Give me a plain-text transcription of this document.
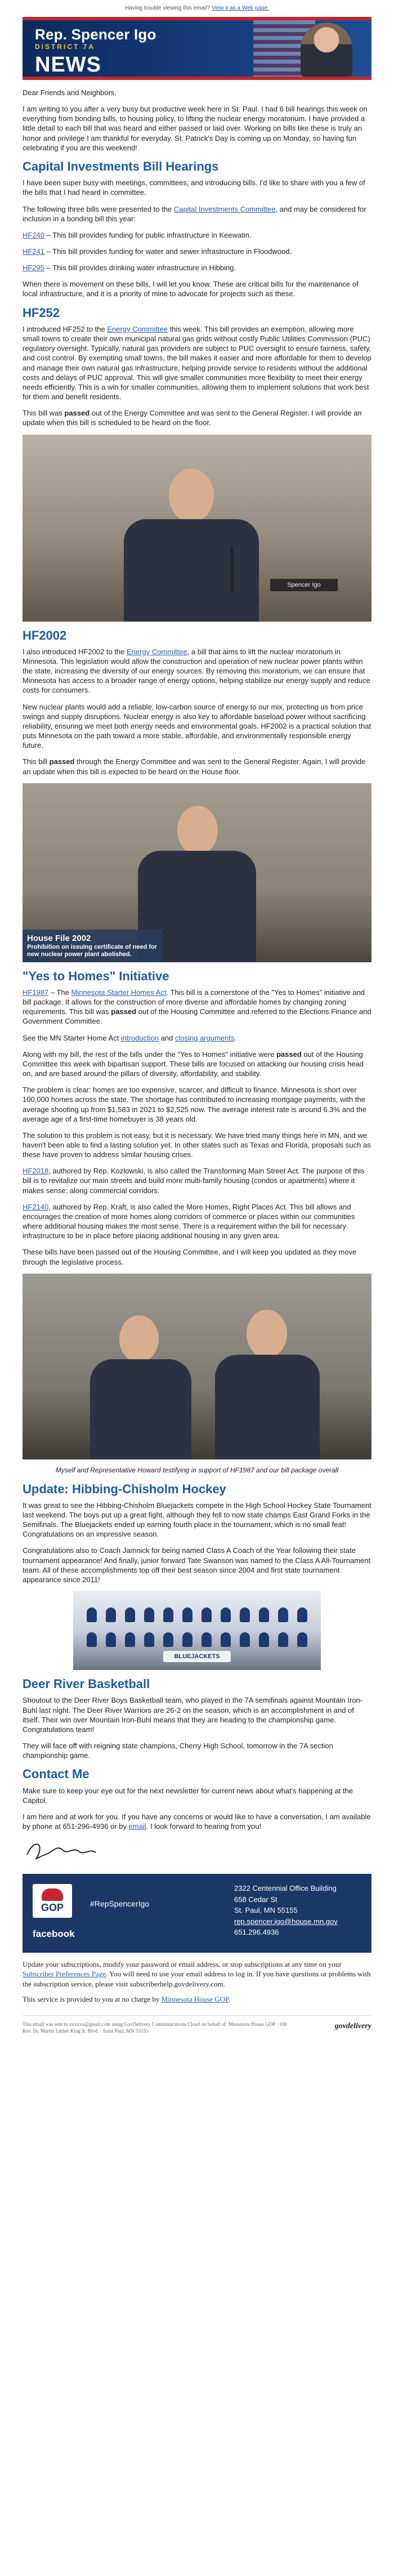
Having trouble viewing this email? View it as a Web page.
Rep. Spencer Igo
DISTRICT 7A
NEWS

Dear Friends and Neighbors,

I am writing to you after a very busy but productive week here in St. Paul. I had 6 bill hearings this week on everything from bonding bills, to housing policy, to lifting the nuclear energy moratorium. I have provided a little detail to each bill that was heard and either passed or laid over. Working on bills like these is truly an honor and privilege I am thankful for everyday. St. Patrick's Day is coming up on Monday, so having fun celebrating if you are this weekend!

Capital Investments Bill Hearings

I have been super busy with meetings, committees, and introducing bills. I'd like to share with you a few of the bills that I had heard in committee.

The following three bills were presented to the Capital Investments Committee, and may be considered for inclusion in a bonding bill this year:

HF240 – This bill provides funding for public infrastructure in Keewatin.

HF241 – This bill provides funding for water and sewer infrastructure in Floodwood.

HF295 – This bill provides drinking water infrastructure in Hibbing.

When there is movement on these bills, I will let you know. These are critical bills for the maintenance of local infrastructure, and it is a priority of mine to advocate for projects such as these.

HF252

I introduced HF252 to the Energy Committee this week. This bill provides an exemption, allowing more small towns to create their own municipal natural gas grids without costly Public Utilities Commission (PUC) regulatory oversight. Typically, natural gas providers are subject to PUC oversight to ensure fairness, safety, and cost control. By exempting small towns, the bill makes it easier and more affordable for them to develop and manage their own natural gas infrastructure, helping provide service to residents without the additional costs and delays of PUC approval. This will give smaller communities more flexibility to meet their energy needs efficiently. This is a win for smaller communities, allowing them to implement solutions that work best for them and benefit residents.

This bill was passed out of the Energy Committee and was sent to the General Register. I will provide an update when this bill is scheduled to be heard on the floor.

Spencer Igo
HF2002

I also introduced HF2002 to the Energy Committee, a bill that aims to lift the nuclear moratorium in Minnesota. This legislation would allow the construction and operation of new nuclear power plants within the state, increasing the diversity of our energy sources. By removing this moratorium, we can ensure that Minnesota has access to a broader range of energy options, helping stabilize our energy supply and reduce costs for consumers.

New nuclear plants would add a reliable, low-carbon source of energy to our mix, protecting us from price swings and supply disruptions. Nuclear energy is also key to affordable baseload power without sacrificing reliability, ensuring we meet both energy needs and environmental goals. HF2002 is a practical solution that puts Minnesota on the path toward a more stable, affordable, and environmentally responsible energy future.

This bill passed through the Energy Committee and was sent to the General Register. Again, I will provide an update when this bill is expected to be heard on the House floor.

House File 2002
Prohibition on issuing certificate of need for new nuclear power plant abolished.
"Yes to Homes" Initiative

HF1987 – The Minnesota Starter Homes Act. This bill is a cornerstone of the "Yes to Homes" initiative and bill package. It allows for the construction of more diverse and affordable homes by changing zoning requirements. This bill was passed out of the Housing Committee and referred to the Elections Finance and Government Committee.

See the MN Starter Home Act introduction and closing arguments.

Along with my bill, the rest of the bills under the "Yes to Homes" initiative were passed out of the Housing Committee this week with bipartisan support. These bills are focused on attacking our housing crisis head on, and are based around the pillars of diversity, affordability, and stability.

The problem is clear: homes are too expensive, scarcer, and difficult to finance. Minnesota is short over 100,000 homes across the state. The shortage has contributed to increasing mortgage payments, with the average shooting up from $1,583 in 2021 to $2,525 now. The average interest rate is around 6.3% and the average age of a first-time homebuyer is 38 years old.

The solution to this problem is not easy, but it is necessary. We have tried many things here in MN, and we haven't been able to find a lasting solution yet. In other states such as Texas and Florida, proposals such as these have proven to address similar housing crises.

HF2018, authored by Rep. Kozlowski, is also called the Transforming Main Street Act. The purpose of this bill is to revitalize our main streets and build more multi-family housing (condos or apartments) where it makes sense: along commercial corridors.

HF2140, authored by Rep. Kraft, is also called the More Homes, Right Places Act. This bill allows and encourages the creation of more homes along corridors of commerce or places within our communities where additional housing makes the most sense. There is a requirement within the bill for necessary infrastructure to be in place before placing additional housing in any given area.

These bills have been passed out of the Housing Committee, and I will keep you updated as they move through the legislative process.

Myself and Representative Howard testifying in support of HF1987 and our bill package overall

Update: Hibbing-Chisholm Hockey

It was great to see the Hibbing-Chisholm Bluejackets compete in the High School Hockey State Tournament last weekend. The boys put up a great fight, although they fell to now state champs East Grand Forks in the Semifinals. The Bluejackets ended up earning fourth place in the tournament, which is no small feat! Congratulations on an impressive season.

Congratulations also to Coach Jamnick for being named Class A Coach of the Year following their state tournament appearance! And finally, junior forward Tate Swanson was named to the Class A All-Tournament team. All of these accomplishments top off their best season since 2004 and first state tournament appearance since 2011!

BLUEJACKETS
Deer River Basketball

Shoutout to the Deer River Boys Basketball team, who played in the 7A semifinals against Mountain Iron-Buhl last night. The Deer River Warriors are 26-2 on the season, which is an accomplishment in and of itself. Their win over Mountain Iron-Buhl means that they are heading to the championship game. Congratulations team!

They will face off with reigning state champions, Cherry High School, tomorrow in the 7A section championship game.

Contact Me

Make sure to keep your eye out for the next newsletter for current news about what's happening at the Capitol.

I am here and at work for you. If you have any concerns or would like to have a conversation, I am available by phone at 651-296-4936 or by email. I look forward to hearing from you!

GOP
facebook
#RepSpencerIgo
2322 Centennial Office Building
658 Cedar St
St. Paul, MN 55155
rep.spencer.igo@house.mn.gov
651.296.4936

Update your subscriptions, modify your password or email address, or stop subscriptions at any time on your Subscriber Preferences Page. You will need to use your email address to log in. If you have questions or problems with the subscription service, please visit subscriberhelp.govdelivery.com.

This service is provided to you at no charge by Minnesota House GOP.

This email was sent to xxxxxx@gmail.com using GovDelivery Communications Cloud on behalf of: Minnesota House GOP · 100 Rev. Dr. Martin Luther King Jr. Blvd. · Saint Paul, MN 55155
govdelivery
